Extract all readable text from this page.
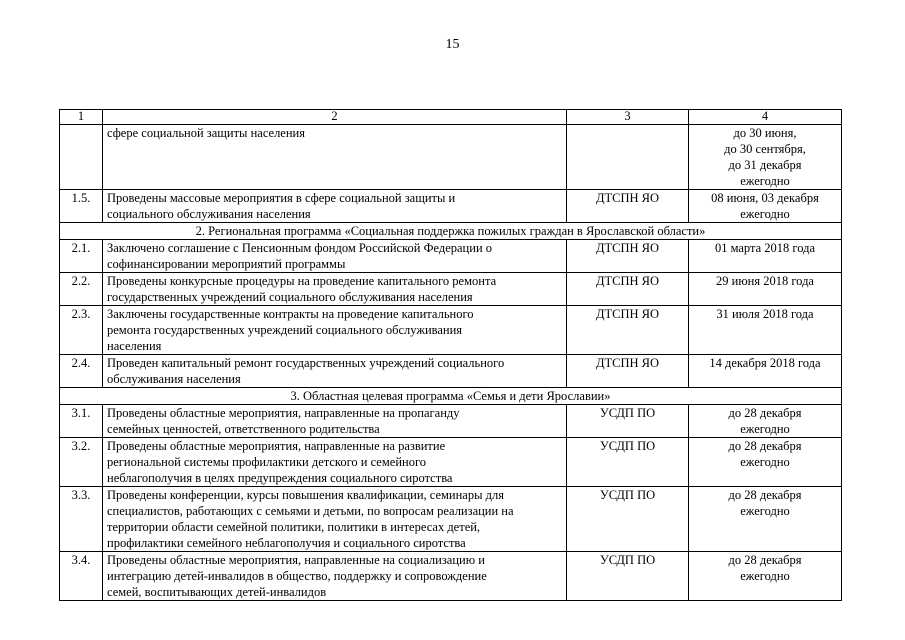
15
1	2	3	4

	сфере социальной защиты населения		до 30 июня,
до 30 сентября,
до 31 декабря
ежегодно

1.5.	Проведены массовые мероприятия в сфере социальной защиты и
социального обслуживания населения	ДТСПН ЯО	08 июня, 03 декабря
ежегодно

2. Региональная программа «Социальная поддержка пожилых граждан в Ярославской области»			
2.1.	Заключено соглашение с Пенсионным фондом Российской Федерации о
софинансировании мероприятий программы	ДТСПН ЯО	01 марта 2018 года

2.2.	Проведены конкурсные процедуры на проведение капитального ремонта
государственных учреждений социального обслуживания населения	ДТСПН ЯО	29 июня 2018 года

2.3.	Заключены государственные контракты на проведение капитального
ремонта государственных учреждений социального обслуживания
населения	ДТСПН ЯО	31 июля 2018 года

2.4.	Проведен капитальный ремонт государственных учреждений социального
обслуживания населения	ДТСПН ЯО	14 декабря 2018 года

3. Областная целевая программа «Семья и дети Ярославии»			
3.1.	Проведены областные мероприятия, направленные на пропаганду
семейных ценностей, ответственного родительства	УСДП ПО	до 28 декабря
ежегодно

3.2.	Проведены областные мероприятия, направленные на развитие
региональной системы профилактики детского и семейного
неблагополучия в целях предупреждения социального сиротства	УСДП ПО	до 28 декабря
ежегодно

3.3.	Проведены конференции, курсы повышения квалификации, семинары для
специалистов, работающих с семьями и детьми, по вопросам реализации на
территории области семейной политики, политики в интересах детей,
профилактики семейного неблагополучия и социального сиротства	УСДП ПО	до 28 декабря
ежегодно

3.4.	Проведены областные мероприятия, направленные на социализацию и
интеграцию детей-инвалидов в общество, поддержку и сопровождение
семей, воспитывающих детей-инвалидов	УСДП ПО	до 28 декабря
ежегодно
